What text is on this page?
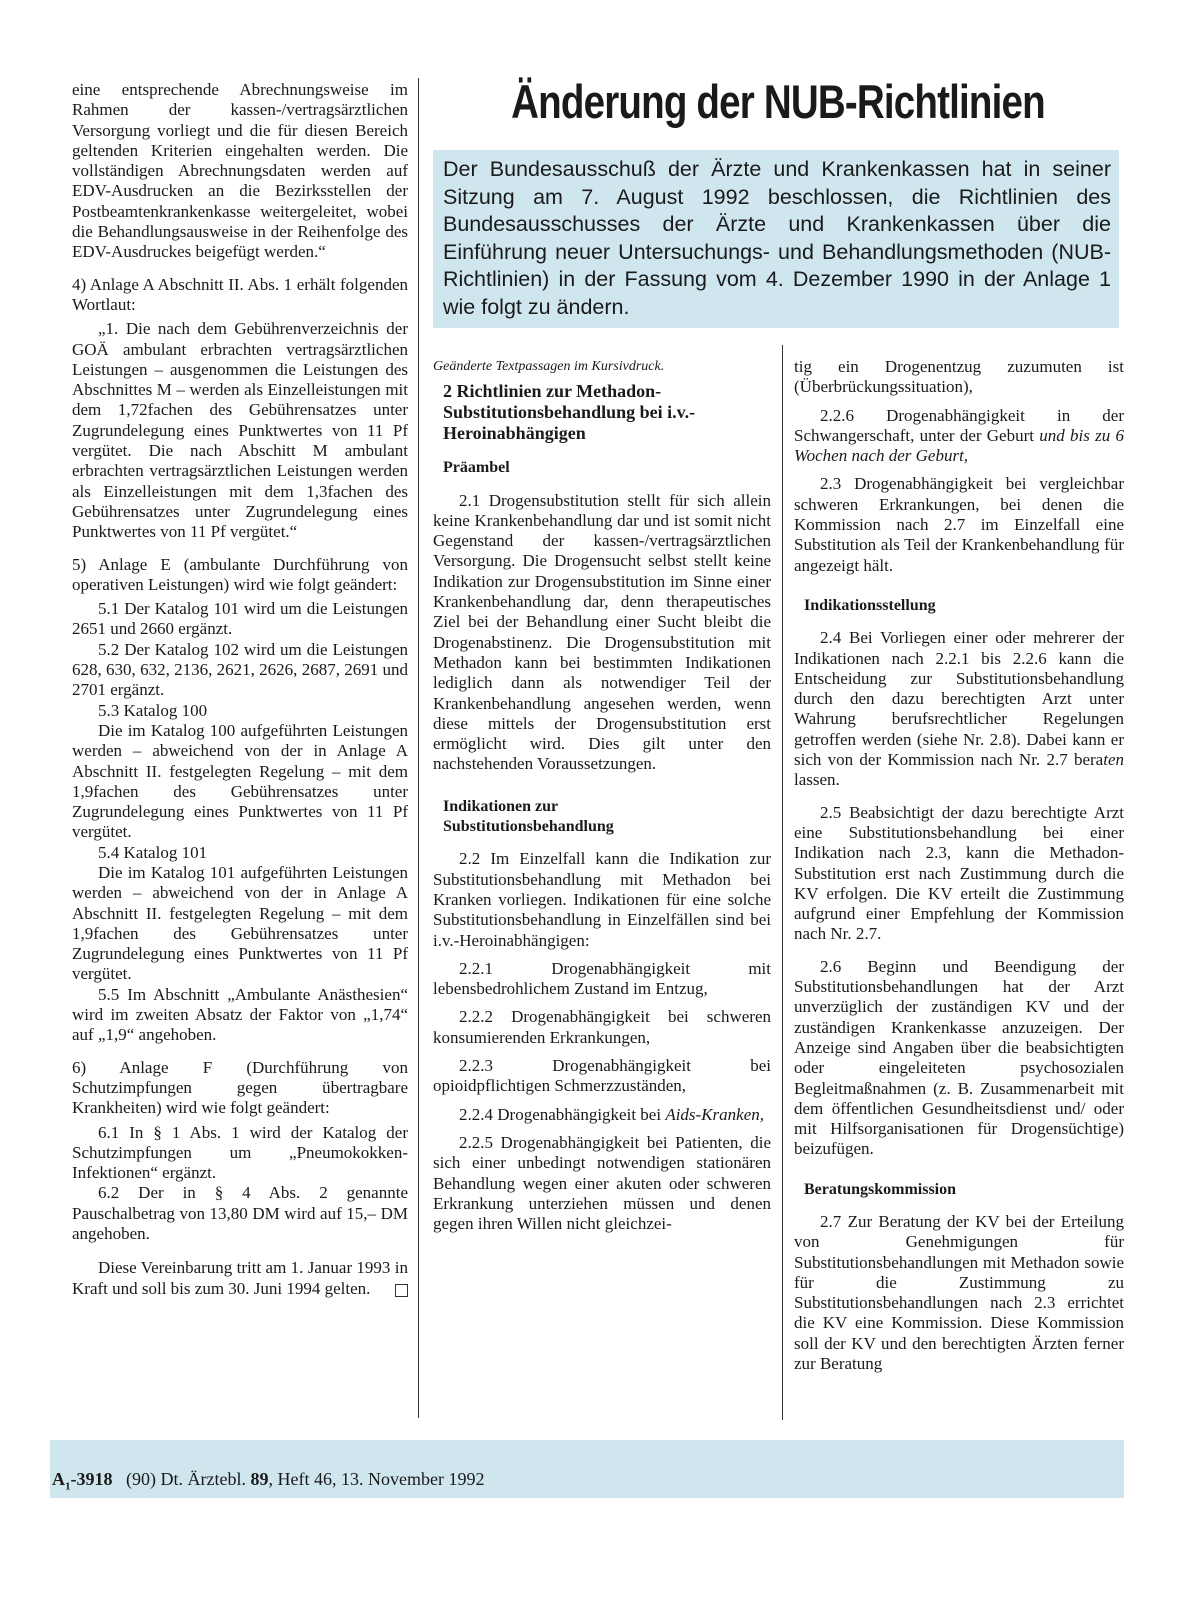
eine entsprechende Abrechnungsweise im Rahmen der kassen-/vertragsärztlichen Versorgung vorliegt und die für diesen Bereich geltenden Kriterien eingehalten werden. Die vollständigen Abrechnungsdaten werden auf EDV-Ausdrucken an die Bezirksstellen der Postbeamtenkrankenkasse weitergeleitet, wobei die Behandlungsausweise in der Reihenfolge des EDV-Ausdruckes beigefügt werden.“

4) Anlage A Abschnitt II. Abs. 1 erhält folgenden Wortlaut:

„1. Die nach dem Gebührenverzeichnis der GOÄ ambulant erbrachten vertragsärztlichen Leistungen – ausgenommen die Leistungen des Abschnittes M – werden als Einzelleistungen mit dem 1,72fachen des Gebührensatzes unter Zugrundelegung eines Punktwertes von 11 Pf vergütet. Die nach Abschitt M ambulant erbrachten vertragsärztlichen Leistungen werden als Einzelleistungen mit dem 1,3fachen des Gebührensatzes unter Zugrundelegung eines Punktwertes von 11 Pf vergütet.“

5) Anlage E (ambulante Durchführung von operativen Leistungen) wird wie folgt geändert:

5.1 Der Katalog 101 wird um die Leistungen 2651 und 2660 ergänzt.

5.2 Der Katalog 102 wird um die Leistungen 628, 630, 632, 2136, 2621, 2626, 2687, 2691 und 2701 ergänzt.

5.3 Katalog 100

Die im Katalog 100 aufgeführten Leistungen werden – abweichend von der in Anlage A Abschnitt II. festgelegten Regelung – mit dem 1,9fachen des Gebührensatzes unter Zugrundelegung eines Punktwertes von 11 Pf vergütet.

5.4 Katalog 101

Die im Katalog 101 aufgeführten Leistungen werden – abweichend von der in Anlage A Abschnitt II. festgelegten Regelung – mit dem 1,9fachen des Gebührensatzes unter Zugrundelegung eines Punktwertes von 11 Pf vergütet.

5.5 Im Abschnitt „Ambulante Anästhesien“ wird im zweiten Absatz der Faktor von „1,74“ auf „1,9“ angehoben.

6) Anlage F (Durchführung von Schutzimpfungen gegen übertragbare Krankheiten) wird wie folgt geändert:

6.1 In § 1 Abs. 1 wird der Katalog der Schutzimpfungen um „Pneumokokken-Infektionen“ ergänzt.

6.2 Der in § 4 Abs. 2 genannte Pauschalbetrag von 13,80 DM wird auf 15,– DM angehoben.

Diese Vereinbarung tritt am 1. Januar 1993 in Kraft und soll bis zum 30. Juni 1994 gelten.

Änderung der NUB-Richtlinien
Der Bundesausschuß der Ärzte und Krankenkassen hat in seiner Sitzung am 7. August 1992 beschlossen, die Richtlinien des Bundesausschusses der Ärzte und Krankenkassen über die Einführung neuer Untersuchungs- und Behandlungsmethoden (NUB-Richtlinien) in der Fassung vom 4. Dezember 1990 in der Anlage 1 wie folgt zu ändern.

Geänderte Textpassagen im Kursivdruck.

2 Richtlinien zur Methadon-Substitutionsbehandlung bei i.v.-Heroinabhängigen
Präambel

2.1 Drogensubstitution stellt für sich allein keine Krankenbehandlung dar und ist somit nicht Gegenstand der kassen-/vertragsärztlichen Versorgung. Die Drogensucht selbst stellt keine Indikation zur Drogensubstitution im Sinne einer Krankenbehandlung dar, denn therapeutisches Ziel bei der Behandlung einer Sucht bleibt die Drogenabstinenz. Die Drogensubstitution mit Methadon kann bei bestimmten Indikationen lediglich dann als notwendiger Teil der Krankenbehandlung angesehen werden, wenn diese mittels der Drogensubstitution erst ermöglicht wird. Dies gilt unter den nachstehenden Voraussetzungen.

Indikationen zur Substitutionsbehandlung

2.2 Im Einzelfall kann die Indikation zur Substitutionsbehandlung mit Methadon bei Kranken vorliegen. Indikationen für eine solche Substitutionsbehandlung in Einzelfällen sind bei i.v.-Heroinabhängigen:

2.2.1 Drogenabhängigkeit mit lebensbedrohlichem Zustand im Entzug,

2.2.2 Drogenabhängigkeit bei schweren konsumierenden Erkrankungen,

2.2.3 Drogenabhängigkeit bei opioidpflichtigen Schmerzzuständen,

2.2.4 Drogenabhängigkeit bei Aids-Kranken,

2.2.5 Drogenabhängigkeit bei Patienten, die sich einer unbedingt notwendigen stationären Behandlung wegen einer akuten oder schweren Erkrankung unterziehen müssen und denen gegen ihren Willen nicht gleichzei-

tig ein Drogenentzug zuzumuten ist (Überbrückungssituation),

2.2.6 Drogenabhängigkeit in der Schwangerschaft, unter der Geburt und bis zu 6 Wochen nach der Geburt,

2.3 Drogenabhängigkeit bei vergleichbar schweren Erkrankungen, bei denen die Kommission nach 2.7 im Einzelfall eine Substitution als Teil der Krankenbehandlung für angezeigt hält.

Indikationsstellung

2.4 Bei Vorliegen einer oder mehrerer der Indikationen nach 2.2.1 bis 2.2.6 kann die Entscheidung zur Substitutionsbehandlung durch den dazu berechtigten Arzt unter Wahrung berufsrechtlicher Regelungen getroffen werden (siehe Nr. 2.8). Dabei kann er sich von der Kommission nach Nr. 2.7 beraten lassen.

2.5 Beabsichtigt der dazu berechtigte Arzt eine Substitutionsbehandlung bei einer Indikation nach 2.3, kann die Methadon-Substitution erst nach Zustimmung durch die KV erfolgen. Die KV erteilt die Zustimmung aufgrund einer Empfehlung der Kommission nach Nr. 2.7.

2.6 Beginn und Beendigung der Substitutionsbehandlungen hat der Arzt unverzüglich der zuständigen KV und der zuständigen Krankenkasse anzuzeigen. Der Anzeige sind Angaben über die beabsichtigten oder eingeleiteten psychosozialen Begleitmaßnahmen (z. B. Zusammenarbeit mit dem öffentlichen Gesundheitsdienst und/ oder mit Hilfsorganisationen für Drogensüchtige) beizufügen.

Beratungskommission

2.7 Zur Beratung der KV bei der Erteilung von Genehmigungen für Substitutionsbehandlungen mit Methadon sowie für die Zustimmung zu Substitutionsbehandlungen nach 2.3 errichtet die KV eine Kommission. Diese Kommission soll der KV und den berechtigten Ärzten ferner zur Beratung

$A_1-3918$ (90) Dt. Ärztebl. 89, Heft 46, 13. November 1992
